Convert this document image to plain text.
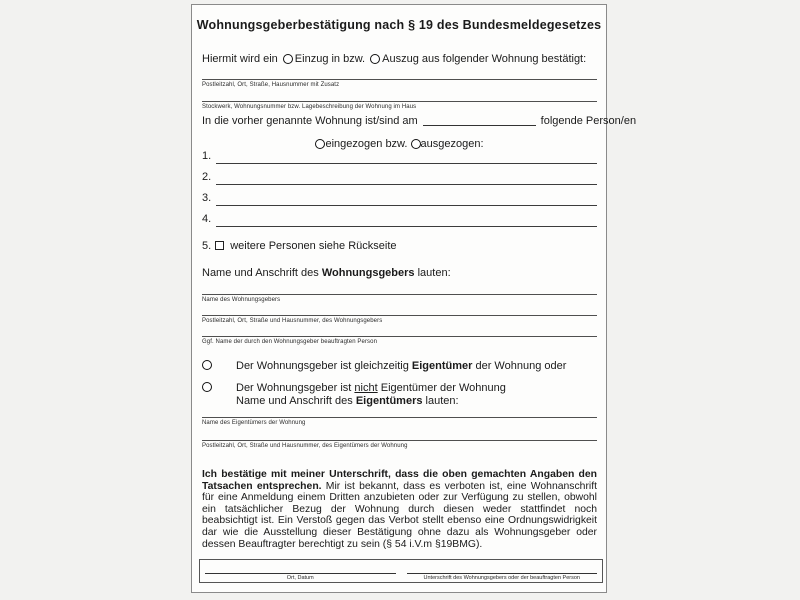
Wohnungsgeberbestätigung nach § 19 des Bundesmeldegesetzes
Hiermit wird ein Einzug in bzw. Auszug aus folgender Wohnung bestätigt:
Postleitzahl, Ort, Straße, Hausnummer mit Zusatz
Stockwerk, Wohnungsnummer bzw. Lagebeschreibung der Wohnung im Haus
In die vorher genannte Wohnung ist/sind am	folgende Person/en
eingezogen bzw. ausgezogen:
1.
2.
3.
4.
5. weitere Personen siehe Rückseite
Name und Anschrift des Wohnungsgebers lauten:
Name des Wohnungsgebers
Postleitzahl, Ort, Straße und Hausnummer, des Wohnungsgebers
Ggf. Name der durch den Wohnungsgeber beauftragten Person
Der Wohnungsgeber ist gleichzeitig Eigentümer der Wohnung oder
Der Wohnungsgeber ist nicht Eigentümer der Wohnung
Name und Anschrift des Eigentümers lauten:
Name des Eigentümers der Wohnung
Postleitzahl, Ort, Straße und Hausnummer, des Eigentümers der Wohnung
Ich bestätige mit meiner Unterschrift, dass die oben gemachten Angaben den Tatsachen entsprechen. Mir ist bekannt, dass es verboten ist, eine Wohnanschrift für eine Anmeldung einem Dritten anzubieten oder zur Verfügung zu stellen, obwohl ein tatsächlicher Bezug der Wohnung durch diesen weder stattfindet noch beabsichtigt ist. Ein Verstoß gegen das Verbot stellt ebenso eine Ordnungswidrigkeit dar wie die Ausstellung dieser Bestätigung ohne dazu als Wohnungsgeber oder dessen Beauftragter berechtigt zu sein (§ 54 i.V.m §19BMG).
Ort, Datum	Unterschrift des Wohnungsgebers oder der beauftragten Person
